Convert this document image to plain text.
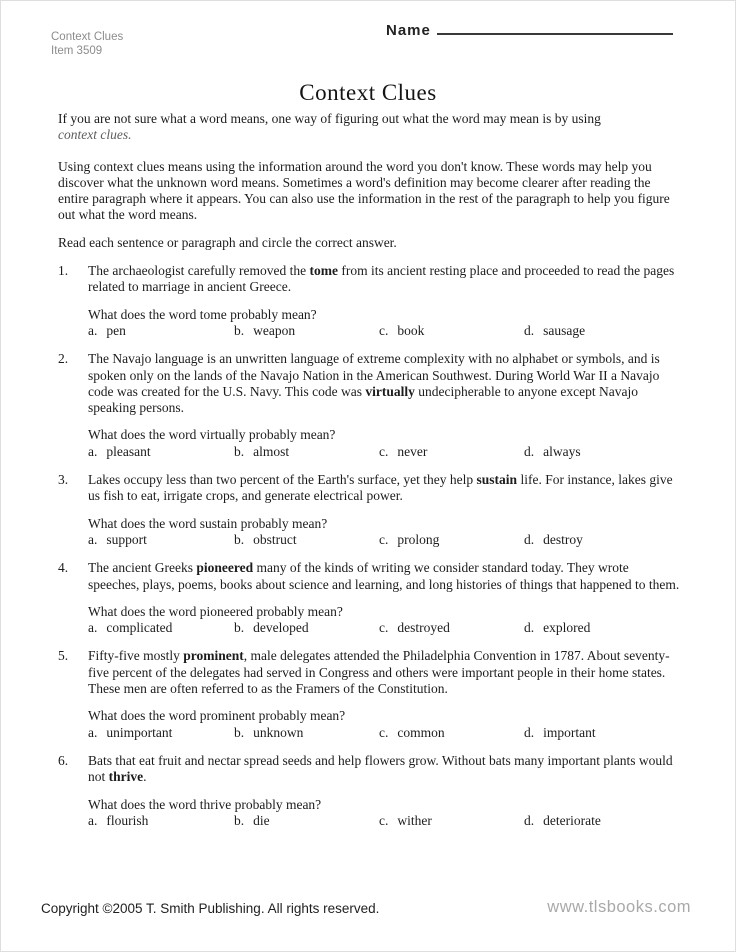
Context Clues
Item 3509
Name
Context Clues
If you are not sure what a word means, one way of figuring out what the word may mean is by using
context clues.
Using context clues means using the information around the word you don't know. These words may help you discover what the unknown word means. Sometimes a word's definition may become clearer after reading the entire paragraph where it appears. You can also use the information in the rest of the paragraph to help you figure out what the word means.
Read each sentence or paragraph and circle the correct answer.
1.	The archaeologist carefully removed the tome from its ancient resting place and proceeded to read the pages related to marriage in ancient Greece.
What does the word tome probably mean?
a. pen	b. weapon	c. book	d. sausage
2.	The Navajo language is an unwritten language of extreme complexity with no alphabet or symbols, and is spoken only on the lands of the Navajo Nation in the American Southwest. During World War II a Navajo code was created for the U.S. Navy. This code was virtually undecipherable to anyone except Navajo speaking persons.
What does the word virtually probably mean?
a. pleasant	b. almost	c. never	d. always
3.	Lakes occupy less than two percent of the Earth's surface, yet they help sustain life. For instance, lakes give us fish to eat, irrigate crops, and generate electrical power.
What does the word sustain probably mean?
a. support	b. obstruct	c. prolong	d. destroy
4.	The ancient Greeks pioneered many of the kinds of writing we consider standard today. They wrote speeches, plays, poems, books about science and learning, and long histories of things that happened to them.
What does the word pioneered probably mean?
a. complicated	b. developed	c. destroyed	d. explored
5.	Fifty-five mostly prominent, male delegates attended the Philadelphia Convention in 1787. About seventy-five percent of the delegates had served in Congress and others were important people in their home states. These men are often referred to as the Framers of the Constitution.
What does the word prominent probably mean?
a. unimportant	b. unknown	c. common	d. important
6.	Bats that eat fruit and nectar spread seeds and help flowers grow. Without bats many important plants would not thrive.
What does the word thrive probably mean?
a. flourish	b. die	c. wither	d. deteriorate
Copyright ©2005 T. Smith Publishing. All rights reserved.	www.tlsbooks.com
